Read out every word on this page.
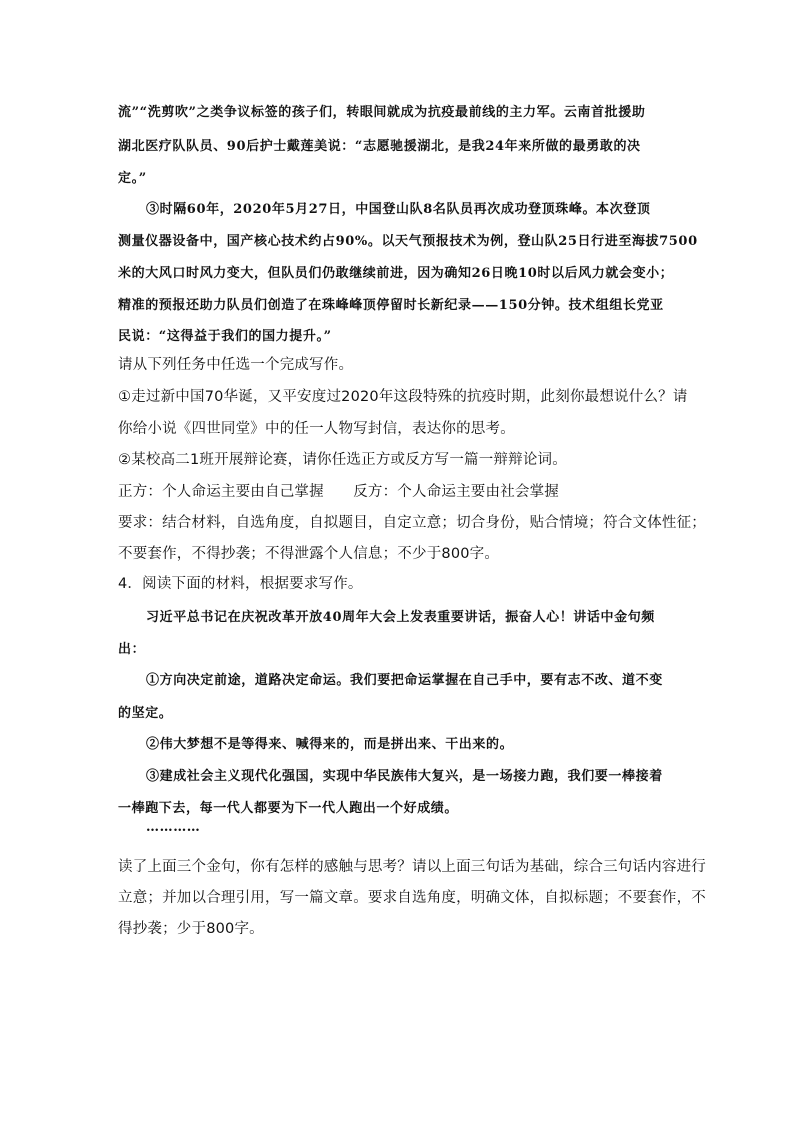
流”“洗剪吹”之类争议标签的孩子们，转眼间就成为抗疫最前线的主力军。云南首批援助
湖北医疗队队员、90后护士戴莲美说：“志愿驰援湖北，是我24年来所做的最勇敢的决
定。”
③时隔60年，2020年5月27日，中国登山队8名队员再次成功登顶珠峰。本次登顶
测量仪器设备中，国产核心技术约占90%。以天气预报技术为例，登山队25日行进至海拔7500
米的大风口时风力变大，但队员们仍敢继续前进，因为确知26日晚10时以后风力就会变小；
精准的预报还助力队员们创造了在珠峰峰顶停留时长新纪录——150分钟。技术组组长党亚
民说：“这得益于我们的国力提升。”
请从下列任务中任选一个完成写作。
①走过新中国70华诞，又平安度过2020年这段特殊的抗疫时期，此刻你最想说什么？请
你给小说《四世同堂》中的任一人物写封信，表达你的思考。
②某校高二1班开展辩论赛，请你任选正方或反方写一篇一辩辩论词。
正方：个人命运主要由自己掌握　　反方：个人命运主要由社会掌握
要求：结合材料，自选角度，自拟题目，自定立意；切合身份，贴合情境；符合文体性征；
不要套作，不得抄袭；不得泄露个人信息；不少于800字。
4．阅读下面的材料，根据要求写作。
习近平总书记在庆祝改革开放40周年大会上发表重要讲话，振奋人心！讲话中金句频
出：
①方向决定前途，道路决定命运。我们要把命运掌握在自己手中，要有志不改、道不变
的坚定。
②伟大梦想不是等得来、喊得来的，而是拼出来、干出来的。
③建成社会主义现代化强国，实现中华民族伟大复兴，是一场接力跑，我们要一棒接着
一棒跑下去，每一代人都要为下一代人跑出一个好成绩。
…………
读了上面三个金句，你有怎样的感触与思考？请以上面三句话为基础，综合三句话内容进行
立意；并加以合理引用，写一篇文章。要求自选角度，明确文体，自拟标题；不要套作，不
得抄袭；少于800字。
